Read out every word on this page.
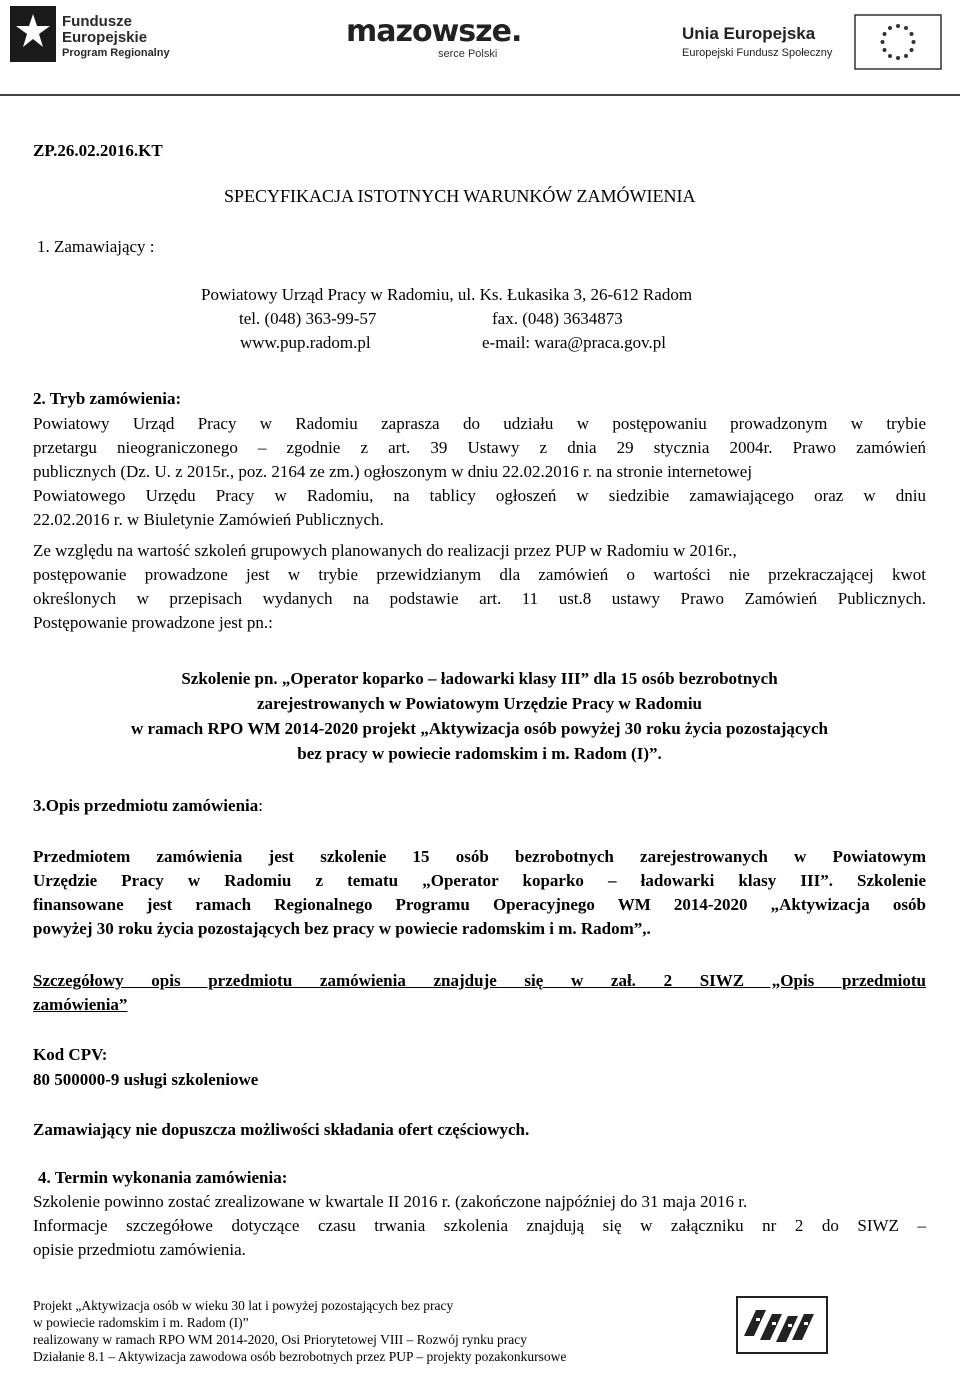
Fundusze
Europejskie
Program Regionalny
mazowsze.
serce Polski
Unia Europejska
Europejski Fundusz Społeczny
ZP.26.02.2016.KT
SPECYFIKACJA ISTOTNYCH WARUNKÓW ZAMÓWIENIA
1. Zamawiający :
Powiatowy Urząd Pracy w Radomiu, ul. Ks. Łukasika 3, 26-612 Radom
tel. (048) 363-99-57	fax. (048) 3634873
www.pup.radom.pl	e-mail: wara@praca.gov.pl
2. Tryb zamówienia:
Powiatowy Urząd Pracy w Radomiu zaprasza do udziału w postępowaniu prowadzonym w trybie
przetargu nieograniczonego – zgodnie z art. 39 Ustawy z dnia 29 stycznia 2004r. Prawo zamówień
publicznych (Dz. U. z 2015r., poz. 2164 ze zm.) ogłoszonym w dniu 22.02.2016 r. na stronie internetowej
Powiatowego Urzędu Pracy w Radomiu, na tablicy ogłoszeń w siedzibie zamawiającego oraz w dniu
22.02.2016 r. w Biuletynie Zamówień Publicznych.
Ze względu na wartość szkoleń grupowych planowanych do realizacji przez PUP w Radomiu w 2016r.,
postępowanie prowadzone jest w trybie przewidzianym dla zamówień o wartości nie przekraczającej kwot
określonych w przepisach wydanych na podstawie art. 11 ust.8 ustawy Prawo Zamówień Publicznych.
Postępowanie prowadzone jest pn.:
Szkolenie pn. „Operator koparko – ładowarki klasy III” dla 15 osób bezrobotnych
zarejestrowanych w Powiatowym Urzędzie Pracy w Radomiu
w ramach RPO WM 2014-2020 projekt „Aktywizacja osób powyżej 30 roku życia pozostających
bez pracy w powiecie radomskim i m. Radom (I)”.
3.Opis przedmiotu zamówienia:
Przedmiotem zamówienia jest szkolenie 15 osób bezrobotnych zarejestrowanych w Powiatowym
Urzędzie Pracy w Radomiu z tematu „Operator koparko – ładowarki klasy III”. Szkolenie
finansowane jest ramach Regionalnego Programu Operacyjnego WM 2014-2020 „Aktywizacja osób
powyżej 30 roku życia pozostających bez pracy w powiecie radomskim i m. Radom”,.
Szczegółowy opis przedmiotu zamówienia znajduje się w zał. 2 SIWZ „Opis przedmiotu
zamówienia”
Kod CPV:
80 500000-9 usługi szkoleniowe
Zamawiający nie dopuszcza możliwości składania ofert częściowych.
4. Termin wykonania zamówienia:
Szkolenie powinno zostać zrealizowane w kwartale II 2016 r. (zakończone najpóźniej do 31 maja 2016 r.
Informacje szczegółowe dotyczące czasu trwania szkolenia znajdują się w załączniku nr 2 do SIWZ –
opisie przedmiotu zamówienia.
Projekt „Aktywizacja osób w wieku 30 lat i powyżej pozostających bez pracy
w powiecie radomskim i m. Radom (I)”
realizowany w ramach RPO WM 2014-2020, Osi Priorytetowej VIII – Rozwój rynku pracy
Działanie 8.1 – Aktywizacja zawodowa osób bezrobotnych przez PUP – projekty pozakonkursowe
